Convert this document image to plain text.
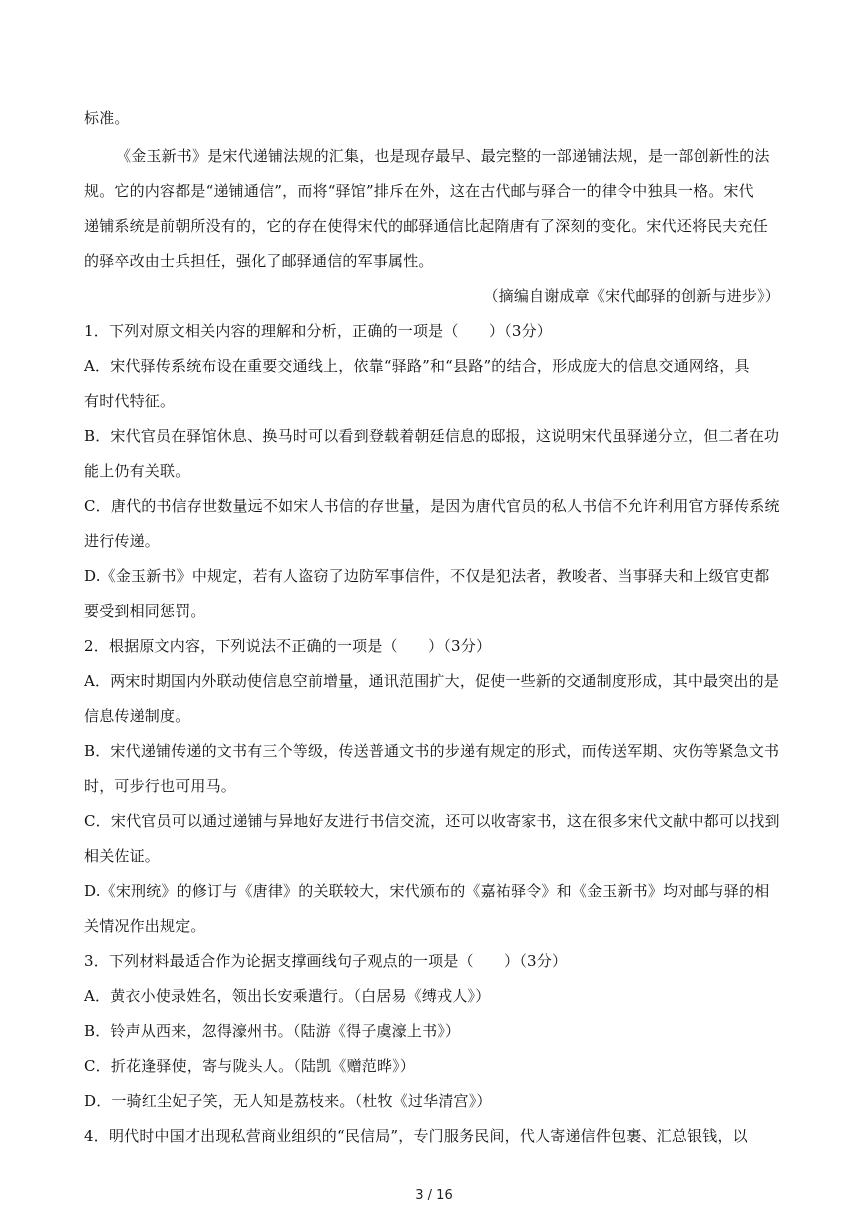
标准。
《金玉新书》是宋代递铺法规的汇集，也是现存最早、最完整的一部递铺法规，是一部创新性的法
规。它的内容都是“递铺通信”，而将“驿馆”排斥在外，这在古代邮与驿合一的律令中独具一格。宋代
递铺系统是前朝所没有的，它的存在使得宋代的邮驿通信比起隋唐有了深刻的变化。宋代还将民夫充任
的驿卒改由士兵担任，强化了邮驿通信的军事属性。
（摘编自谢成章《宋代邮驿的创新与进步》）
1．下列对原文相关内容的理解和分析，正确的一项是（　　）（3分）
A．宋代驿传系统布设在重要交通线上，依靠“驿路”和“县路”的结合，形成庞大的信息交通网络，具
有时代特征。
B．宋代官员在驿馆休息、换马时可以看到登载着朝廷信息的邸报，这说明宋代虽驿递分立，但二者在功
能上仍有关联。
C．唐代的书信存世数量远不如宋人书信的存世量，是因为唐代官员的私人书信不允许利用官方驿传系统
进行传递。
D.《金玉新书》中规定，若有人盗窃了边防军事信件，不仅是犯法者，教唆者、当事驿夫和上级官吏都
要受到相同惩罚。
2．根据原文内容，下列说法不正确的一项是（　　）（3分）
A．两宋时期国内外联动使信息空前增量，通讯范围扩大，促使一些新的交通制度形成，其中最突出的是
信息传递制度。
B．宋代递铺传递的文书有三个等级，传送普通文书的步递有规定的形式，而传送军期、灾伤等紧急文书
时，可步行也可用马。
C．宋代官员可以通过递铺与异地好友进行书信交流，还可以收寄家书，这在很多宋代文献中都可以找到
相关佐证。
D.《宋刑统》的修订与《唐律》的关联较大，宋代颁布的《嘉祐驿令》和《金玉新书》均对邮与驿的相
关情况作出规定。
3．下列材料最适合作为论据支撑画线句子观点的一项是（　　）（3分）
A．黄衣小使录姓名，领出长安乘遣行。（白居易《缚戎人》）
B．铃声从西来，忽得濠州书。（陆游《得子虞濠上书》）
C．折花逢驿使，寄与陇头人。（陆凯《赠范晔》）
D．一骑红尘妃子笑，无人知是荔枝来。（杜牧《过华清宫》）
4．明代时中国才出现私营商业组织的“民信局”，专门服务民间，代人寄递信件包裹、汇总银钱，以
3 / 16
